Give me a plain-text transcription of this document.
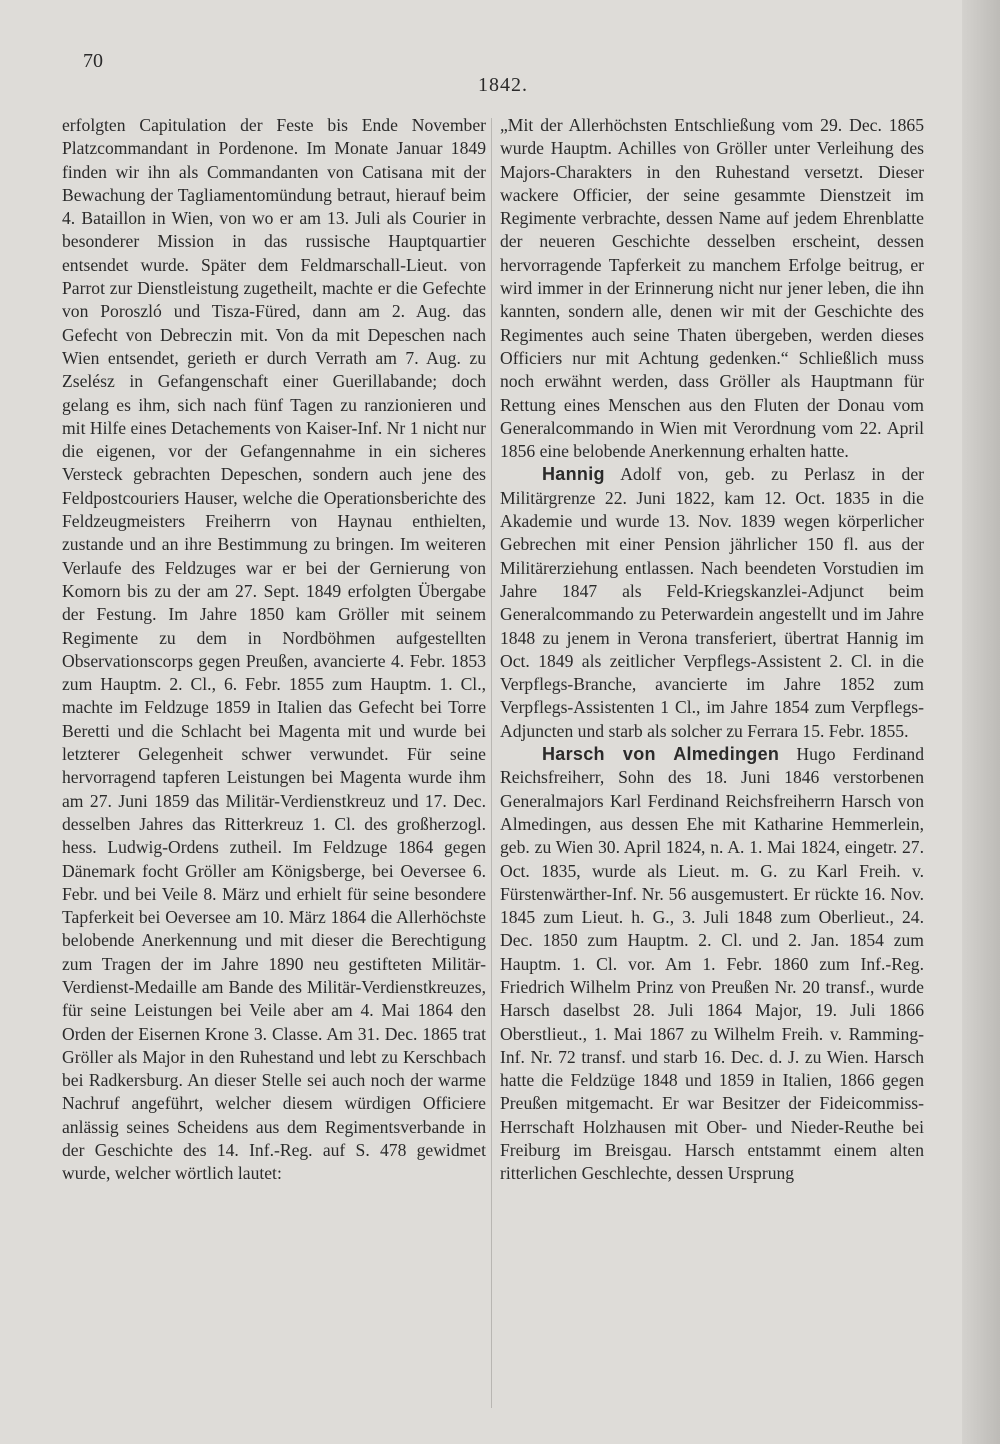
70
1842.

erfolgten Capitulation der Feste bis Ende November Platzcommandant in Pordenone. Im Monate Januar 1849 finden wir ihn als Commandanten von Catisana mit der Bewachung der Tagliamentomündung betraut, hierauf beim 4. Bataillon in Wien, von wo er am 13. Juli als Courier in besonderer Mission in das russische Hauptquartier entsendet wurde. Später dem Feldmarschall-Lieut. von Parrot zur Dienstleistung zugetheilt, machte er die Gefechte von Poroszló und Tisza-Füred, dann am 2. Aug. das Gefecht von Debreczin mit. Von da mit Depeschen nach Wien entsendet, gerieth er durch Verrath am 7. Aug. zu Zselész in Gefangenschaft einer Guerillabande; doch gelang es ihm, sich nach fünf Tagen zu ranzionieren und mit Hilfe eines Detachements von Kaiser-Inf. Nr 1 nicht nur die eigenen, vor der Gefangennahme in ein sicheres Versteck gebrachten Depeschen, sondern auch jene des Feldpostcouriers Hauser, welche die Operationsberichte des Feldzeugmeisters Freiherrn von Haynau enthielten, zustande und an ihre Bestimmung zu bringen. Im weiteren Verlaufe des Feldzuges war er bei der Gernierung von Komorn bis zu der am 27. Sept. 1849 erfolgten Übergabe der Festung. Im Jahre 1850 kam Gröller mit seinem Regimente zu dem in Nordböhmen aufgestellten Observationscorps gegen Preußen, avancierte 4. Febr. 1853 zum Hauptm. 2. Cl., 6. Febr. 1855 zum Hauptm. 1. Cl., machte im Feldzuge 1859 in Italien das Gefecht bei Torre Beretti und die Schlacht bei Magenta mit und wurde bei letzterer Gelegenheit schwer verwundet. Für seine hervorragend tapferen Leistungen bei Magenta wurde ihm am 27. Juni 1859 das Militär-Verdienstkreuz und 17. Dec. desselben Jahres das Ritterkreuz 1. Cl. des großherzogl. hess. Ludwig-Ordens zutheil. Im Feldzuge 1864 gegen Dänemark focht Gröller am Königsberge, bei Oeversee 6. Febr. und bei Veile 8. März und erhielt für seine besondere Tapferkeit bei Oeversee am 10. März 1864 die Allerhöchste belobende Anerkennung und mit dieser die Berechtigung zum Tragen der im Jahre 1890 neu gestifteten Militär-Verdienst-Medaille am Bande des Militär-Verdienstkreuzes, für seine Leistungen bei Veile aber am 4. Mai 1864 den Orden der Eisernen Krone 3. Classe. Am 31. Dec. 1865 trat Gröller als Major in den Ruhestand und lebt zu Kerschbach bei Radkersburg. An dieser Stelle sei auch noch der warme Nachruf angeführt, welcher diesem würdigen Officiere anlässig seines Scheidens aus dem Regimentsverbande in der Geschichte des 14. Inf.-Reg. auf S. 478 gewidmet wurde, welcher wörtlich lautet:

„Mit der Allerhöchsten Entschließung vom 29. Dec. 1865 wurde Hauptm. Achilles von Gröller unter Verleihung des Majors-Charakters in den Ruhestand versetzt. Dieser wackere Officier, der seine gesammte Dienstzeit im Regimente verbrachte, dessen Name auf jedem Ehrenblatte der neueren Geschichte desselben erscheint, dessen hervorragende Tapferkeit zu manchem Erfolge beitrug, er wird immer in der Erinnerung nicht nur jener leben, die ihn kannten, sondern alle, denen wir mit der Geschichte des Regimentes auch seine Thaten übergeben, werden dieses Officiers nur mit Achtung gedenken.“ Schließlich muss noch erwähnt werden, dass Gröller als Hauptmann für Rettung eines Menschen aus den Fluten der Donau vom Generalcommando in Wien mit Verordnung vom 22. April 1856 eine belobende Anerkennung erhalten hatte.

Hannig Adolf von, geb. zu Perlasz in der Militärgrenze 22. Juni 1822, kam 12. Oct. 1835 in die Akademie und wurde 13. Nov. 1839 wegen körperlicher Gebrechen mit einer Pension jährlicher 150 fl. aus der Militärerziehung entlassen. Nach beendeten Vorstudien im Jahre 1847 als Feld-Kriegskanzlei-Adjunct beim Generalcommando zu Peterwardein angestellt und im Jahre 1848 zu jenem in Verona transferiert, übertrat Hannig im Oct. 1849 als zeitlicher Verpflegs-Assistent 2. Cl. in die Verpflegs-Branche, avancierte im Jahre 1852 zum Verpflegs-Assistenten 1 Cl., im Jahre 1854 zum Verpflegs-Adjuncten und starb als solcher zu Ferrara 15. Febr. 1855.

Harsch von Almedingen Hugo Ferdinand Reichsfreiherr, Sohn des 18. Juni 1846 verstorbenen Generalmajors Karl Ferdinand Reichsfreiherrn Harsch von Almedingen, aus dessen Ehe mit Katharine Hemmerlein, geb. zu Wien 30. April 1824, n. A. 1. Mai 1824, eingetr. 27. Oct. 1835, wurde als Lieut. m. G. zu Karl Freih. v. Fürstenwärther-Inf. Nr. 56 ausgemustert. Er rückte 16. Nov. 1845 zum Lieut. h. G., 3. Juli 1848 zum Oberlieut., 24. Dec. 1850 zum Hauptm. 2. Cl. und 2. Jan. 1854 zum Hauptm. 1. Cl. vor. Am 1. Febr. 1860 zum Inf.-Reg. Friedrich Wilhelm Prinz von Preußen Nr. 20 transf., wurde Harsch daselbst 28. Juli 1864 Major, 19. Juli 1866 Oberstlieut., 1. Mai 1867 zu Wilhelm Freih. v. Ramming-Inf. Nr. 72 transf. und starb 16. Dec. d. J. zu Wien. Harsch hatte die Feldzüge 1848 und 1859 in Italien, 1866 gegen Preußen mitgemacht. Er war Besitzer der Fideicommiss-Herrschaft Holzhausen mit Ober- und Nieder-Reuthe bei Freiburg im Breisgau. Harsch entstammt einem alten ritterlichen Geschlechte, dessen Ursprung
